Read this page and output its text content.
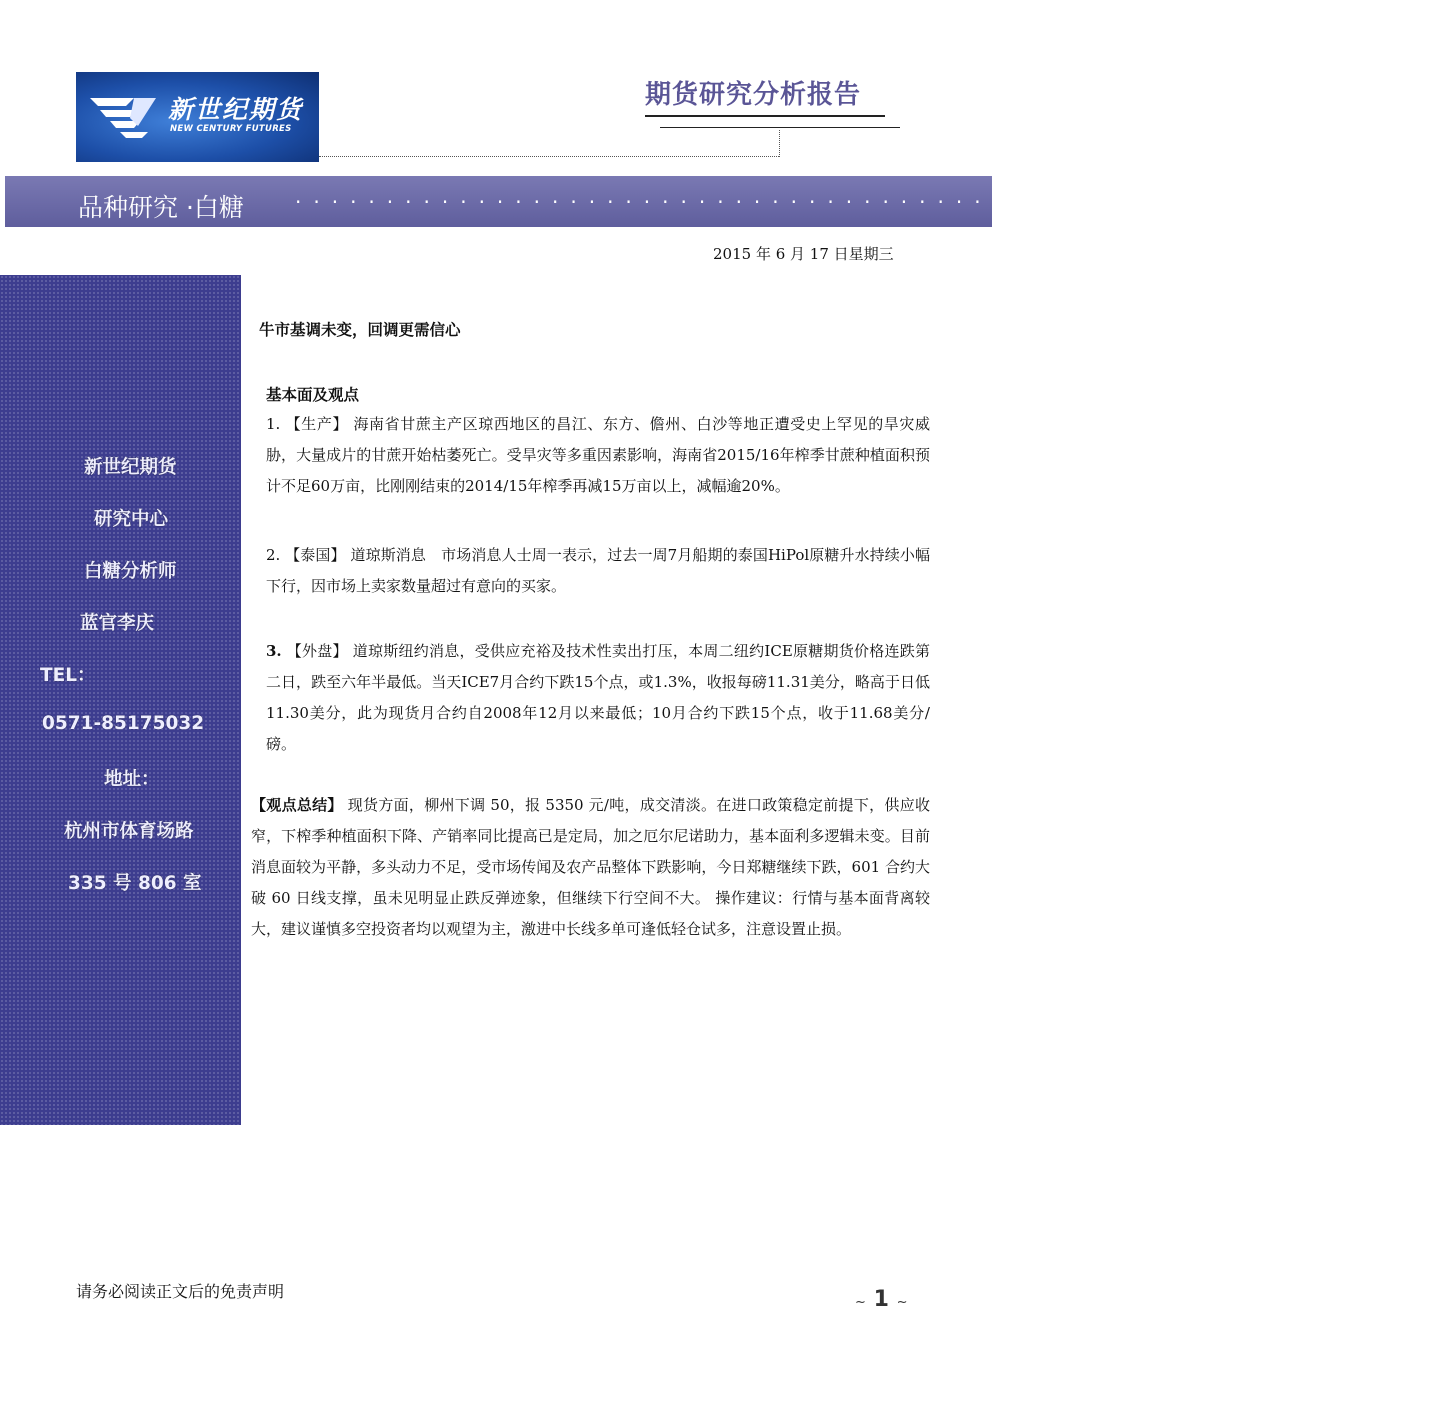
新世纪期货
NEW CENTURY FUTURES
期货研究分析报告
品种研究 ·白糖	·······························································
2015 年 6 月 17 日星期三
新世纪期货
研究中心
白糖分析师
蓝官李庆
TEL：
0571-85175032
地址：
杭州市体育场路
335 号 806 室
牛市基调未变，回调更需信心
基本面及观点
1. 【生产】 海南省甘蔗主产区琼西地区的昌江、东方、儋州、白沙等地正遭受史上罕见的旱灾威胁，大量成片的甘蔗开始枯萎死亡。受旱灾等多重因素影响，海南省2015/16年榨季甘蔗种植面积预计不足60万亩，比刚刚结束的2014/15年榨季再减15万亩以上，减幅逾20%。
2. 【泰国】 道琼斯消息　市场消息人士周一表示，过去一周7月船期的泰国HiPol原糖升水持续小幅下行，因市场上卖家数量超过有意向的买家。
3. 【外盘】 道琼斯纽约消息，受供应充裕及技术性卖出打压，本周二纽约ICE原糖期货价格连跌第二日，跌至六年半最低。当天ICE7月合约下跌15个点，或1.3%，收报每磅11.31美分，略高于日低11.30美分，此为现货月合约自2008年12月以来最低；10月合约下跌15个点，收于11.68美分/磅。
【观点总结】 现货方面，柳州下调 50，报 5350 元/吨，成交清淡。在进口政策稳定前提下，供应收窄，下榨季种植面积下降、产销率同比提高已是定局，加之厄尔尼诺助力，基本面利多逻辑未变。目前消息面较为平静，多头动力不足，受市场传闻及农产品整体下跌影响，今日郑糖继续下跌，601 合约大破 60 日线支撑，虽未见明显止跌反弹迹象，但继续下行空间不大。 操作建议：行情与基本面背离较大，建议谨慎多空投资者均以观望为主，激进中长线多单可逢低轻仓试多，注意设置止损。
请务必阅读正文后的免责声明
~ 1 ~
